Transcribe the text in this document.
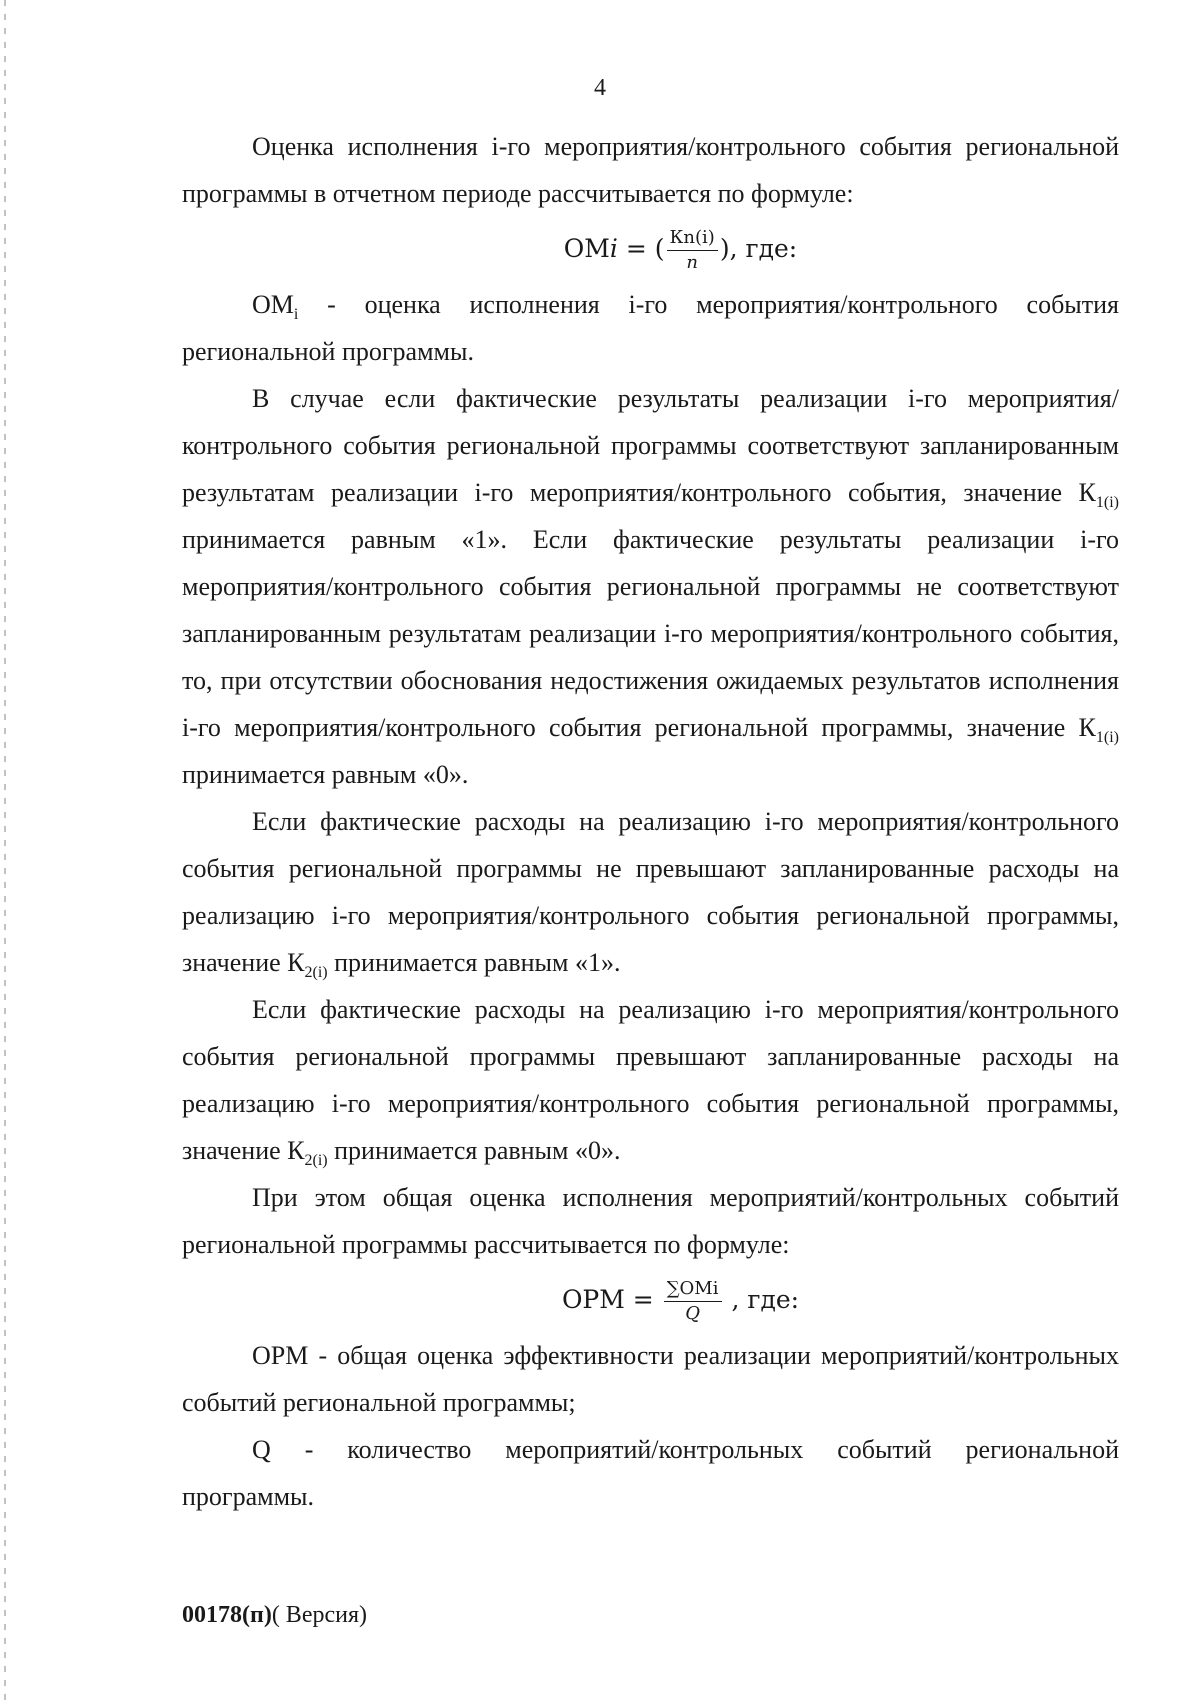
4

Оценка исполнения i-го мероприятия/контрольного события региональной программы в отчетном периоде рассчитывается по формуле:

ОМi = ( $\frac{Кn(i)}{n}$ ), где:

$ОМ_i$ - оценка исполнения i-го мероприятия/контрольного события региональной программы.

В случае если фактические результаты реализации i-го мероприятия/контрольного события региональной программы соответствуют запланированным результатам реализации i-го мероприятия/контрольного события, значение $К_{1(i)}$ принимается равным «1». Если фактические результаты реализации i-го мероприятия/контрольного события региональной программы не соответствуют запланированным результатам реализации i-го мероприятия/контрольного события, то, при отсутствии обоснования недостижения ожидаемых результатов исполнения i-го мероприятия/контрольного события региональной программы, значение $К_{1(i)}$ принимается равным «0».

Если фактические расходы на реализацию i-го мероприятия/контрольного события региональной программы не превышают запланированные расходы на реализацию i-го мероприятия/контрольного события региональной программы, значение $К_{2(i)}$ принимается равным «1».

Если фактические расходы на реализацию i-го мероприятия/контрольного события региональной программы превышают запланированные расходы на реализацию i-го мероприятия/контрольного события региональной программы, значение $К_{2(i)}$ принимается равным «0».

При этом общая оценка исполнения мероприятий/контрольных событий региональной программы рассчитывается по формуле:

ОРМ = $\frac{\text{∑ОМi}}{Q}$ , где:

ОРМ - общая оценка эффективности реализации мероприятий/контрольных событий региональной программы;

Q - количество мероприятий/контрольных событий региональной программы.

00178(п)( Версия)
